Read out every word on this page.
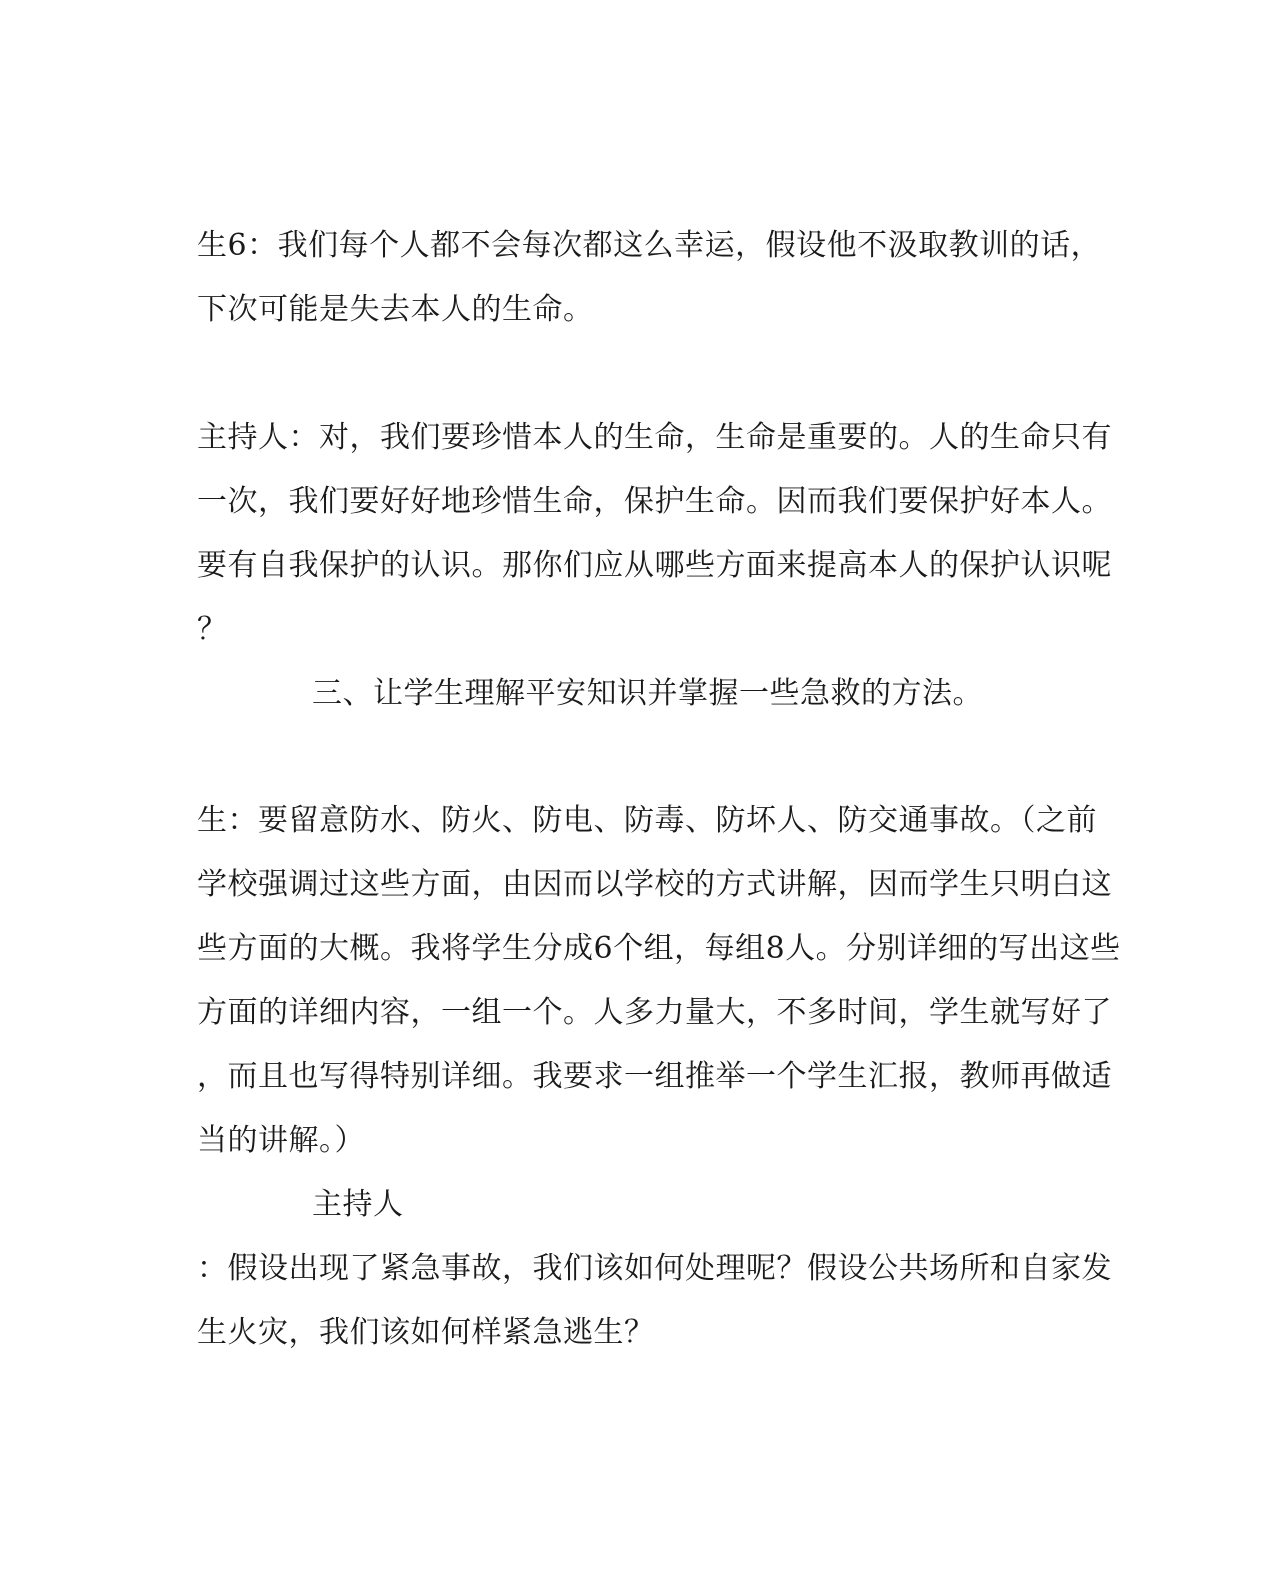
生6：我们每个人都不会每次都这么幸运，假设他不汲取教训的话，
下次可能是失去本人的生命。
主持人：对，我们要珍惜本人的生命，生命是重要的。人的生命只有
一次，我们要好好地珍惜生命，保护生命。因而我们要保护好本人。
要有自我保护的认识。那你们应从哪些方面来提高本人的保护认识呢
？
三、让学生理解平安知识并掌握一些急救的方法。
生：要留意防水、防火、防电、防毒、防坏人、防交通事故。（之前
学校强调过这些方面，由因而以学校的方式讲解，因而学生只明白这
些方面的大概。我将学生分成6个组，每组8人。分别详细的写出这些
方面的详细内容，一组一个。人多力量大，不多时间，学生就写好了
，而且也写得特别详细。我要求一组推举一个学生汇报，教师再做适
当的讲解。）
主持人
：假设出现了紧急事故，我们该如何处理呢？假设公共场所和自家发
生火灾，我们该如何样紧急逃生？
